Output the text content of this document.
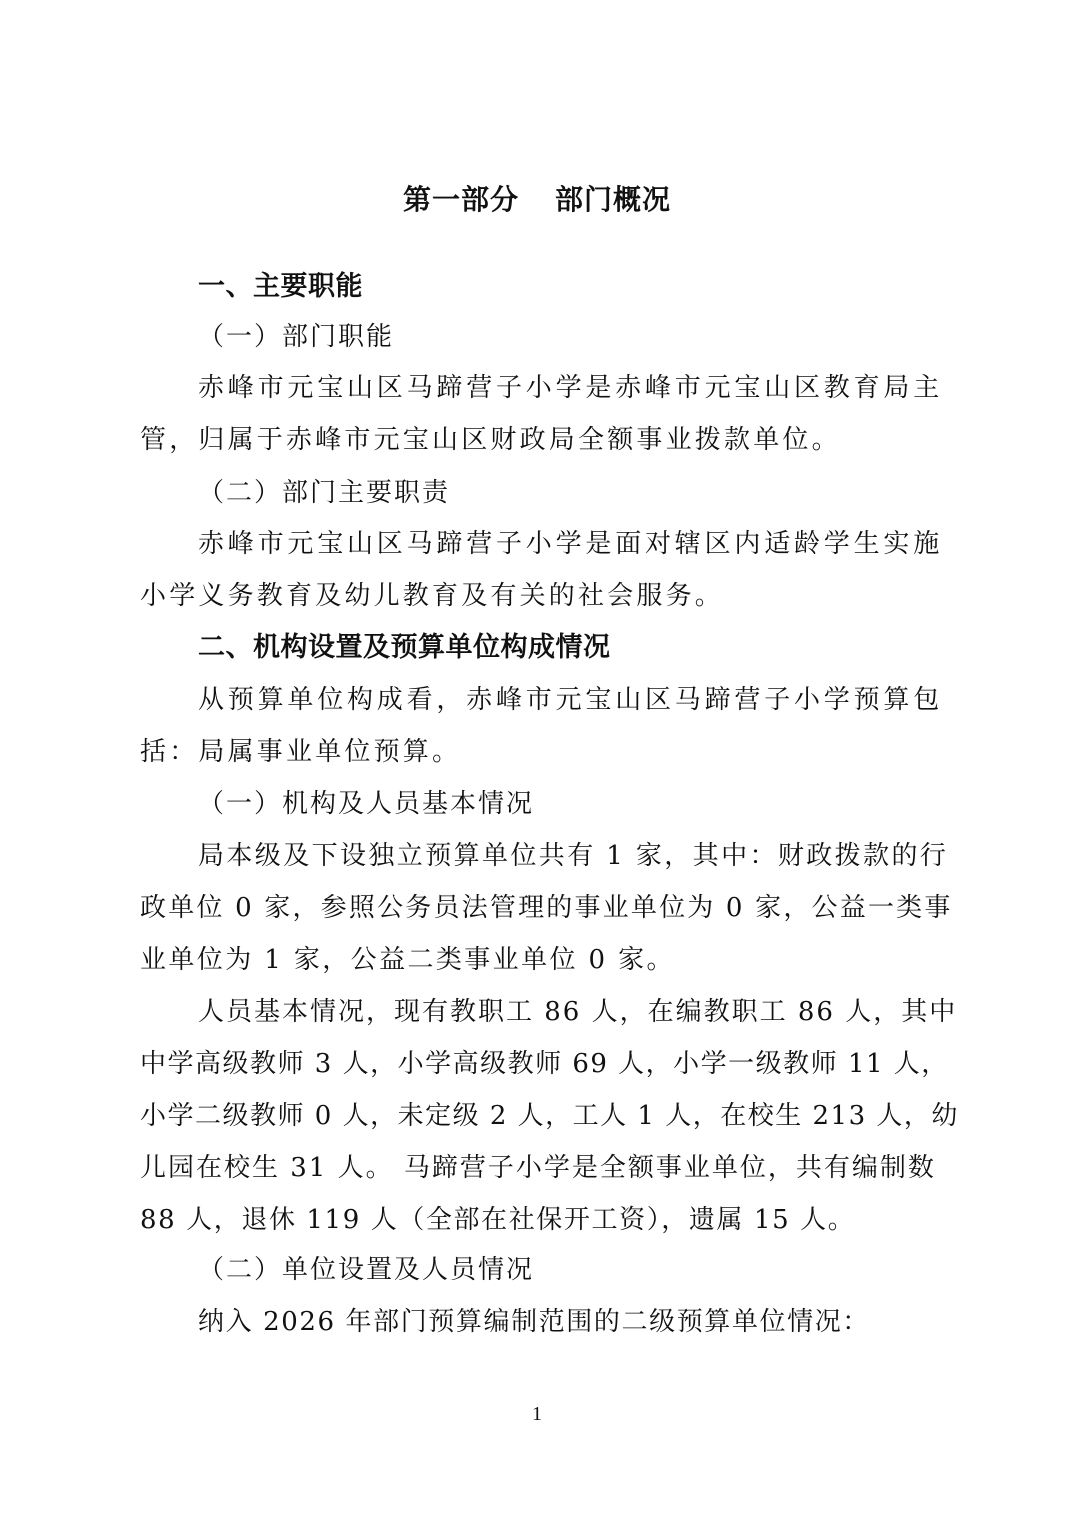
第一部分 部门概况
一、主要职能
（一）部门职能
赤峰市元宝山区马蹄营子小学是赤峰市元宝山区教育局主
管，归属于赤峰市元宝山区财政局全额事业拨款单位。
（二）部门主要职责
赤峰市元宝山区马蹄营子小学是面对辖区内适龄学生实施
小学义务教育及幼儿教育及有关的社会服务。
二、机构设置及预算单位构成情况
从预算单位构成看，赤峰市元宝山区马蹄营子小学预算包
括：局属事业单位预算。
（一）机构及人员基本情况
局本级及下设独立预算单位共有 1 家，其中：财政拨款的行
政单位 0 家，参照公务员法管理的事业单位为 0 家，公益一类事
业单位为 1 家，公益二类事业单位 0 家。
人员基本情况，现有教职工 86 人，在编教职工 86 人，其中
中学高级教师 3 人，小学高级教师 69 人，小学一级教师 11 人，
小学二级教师 0 人，未定级 2 人，工人 1 人，在校生 213 人，幼
儿园在校生 31 人。 马蹄营子小学是全额事业单位，共有编制数
88 人，退休 119 人（全部在社保开工资），遗属 15 人。
（二）单位设置及人员情况
纳入 2026 年部门预算编制范围的二级预算单位情况：
1
